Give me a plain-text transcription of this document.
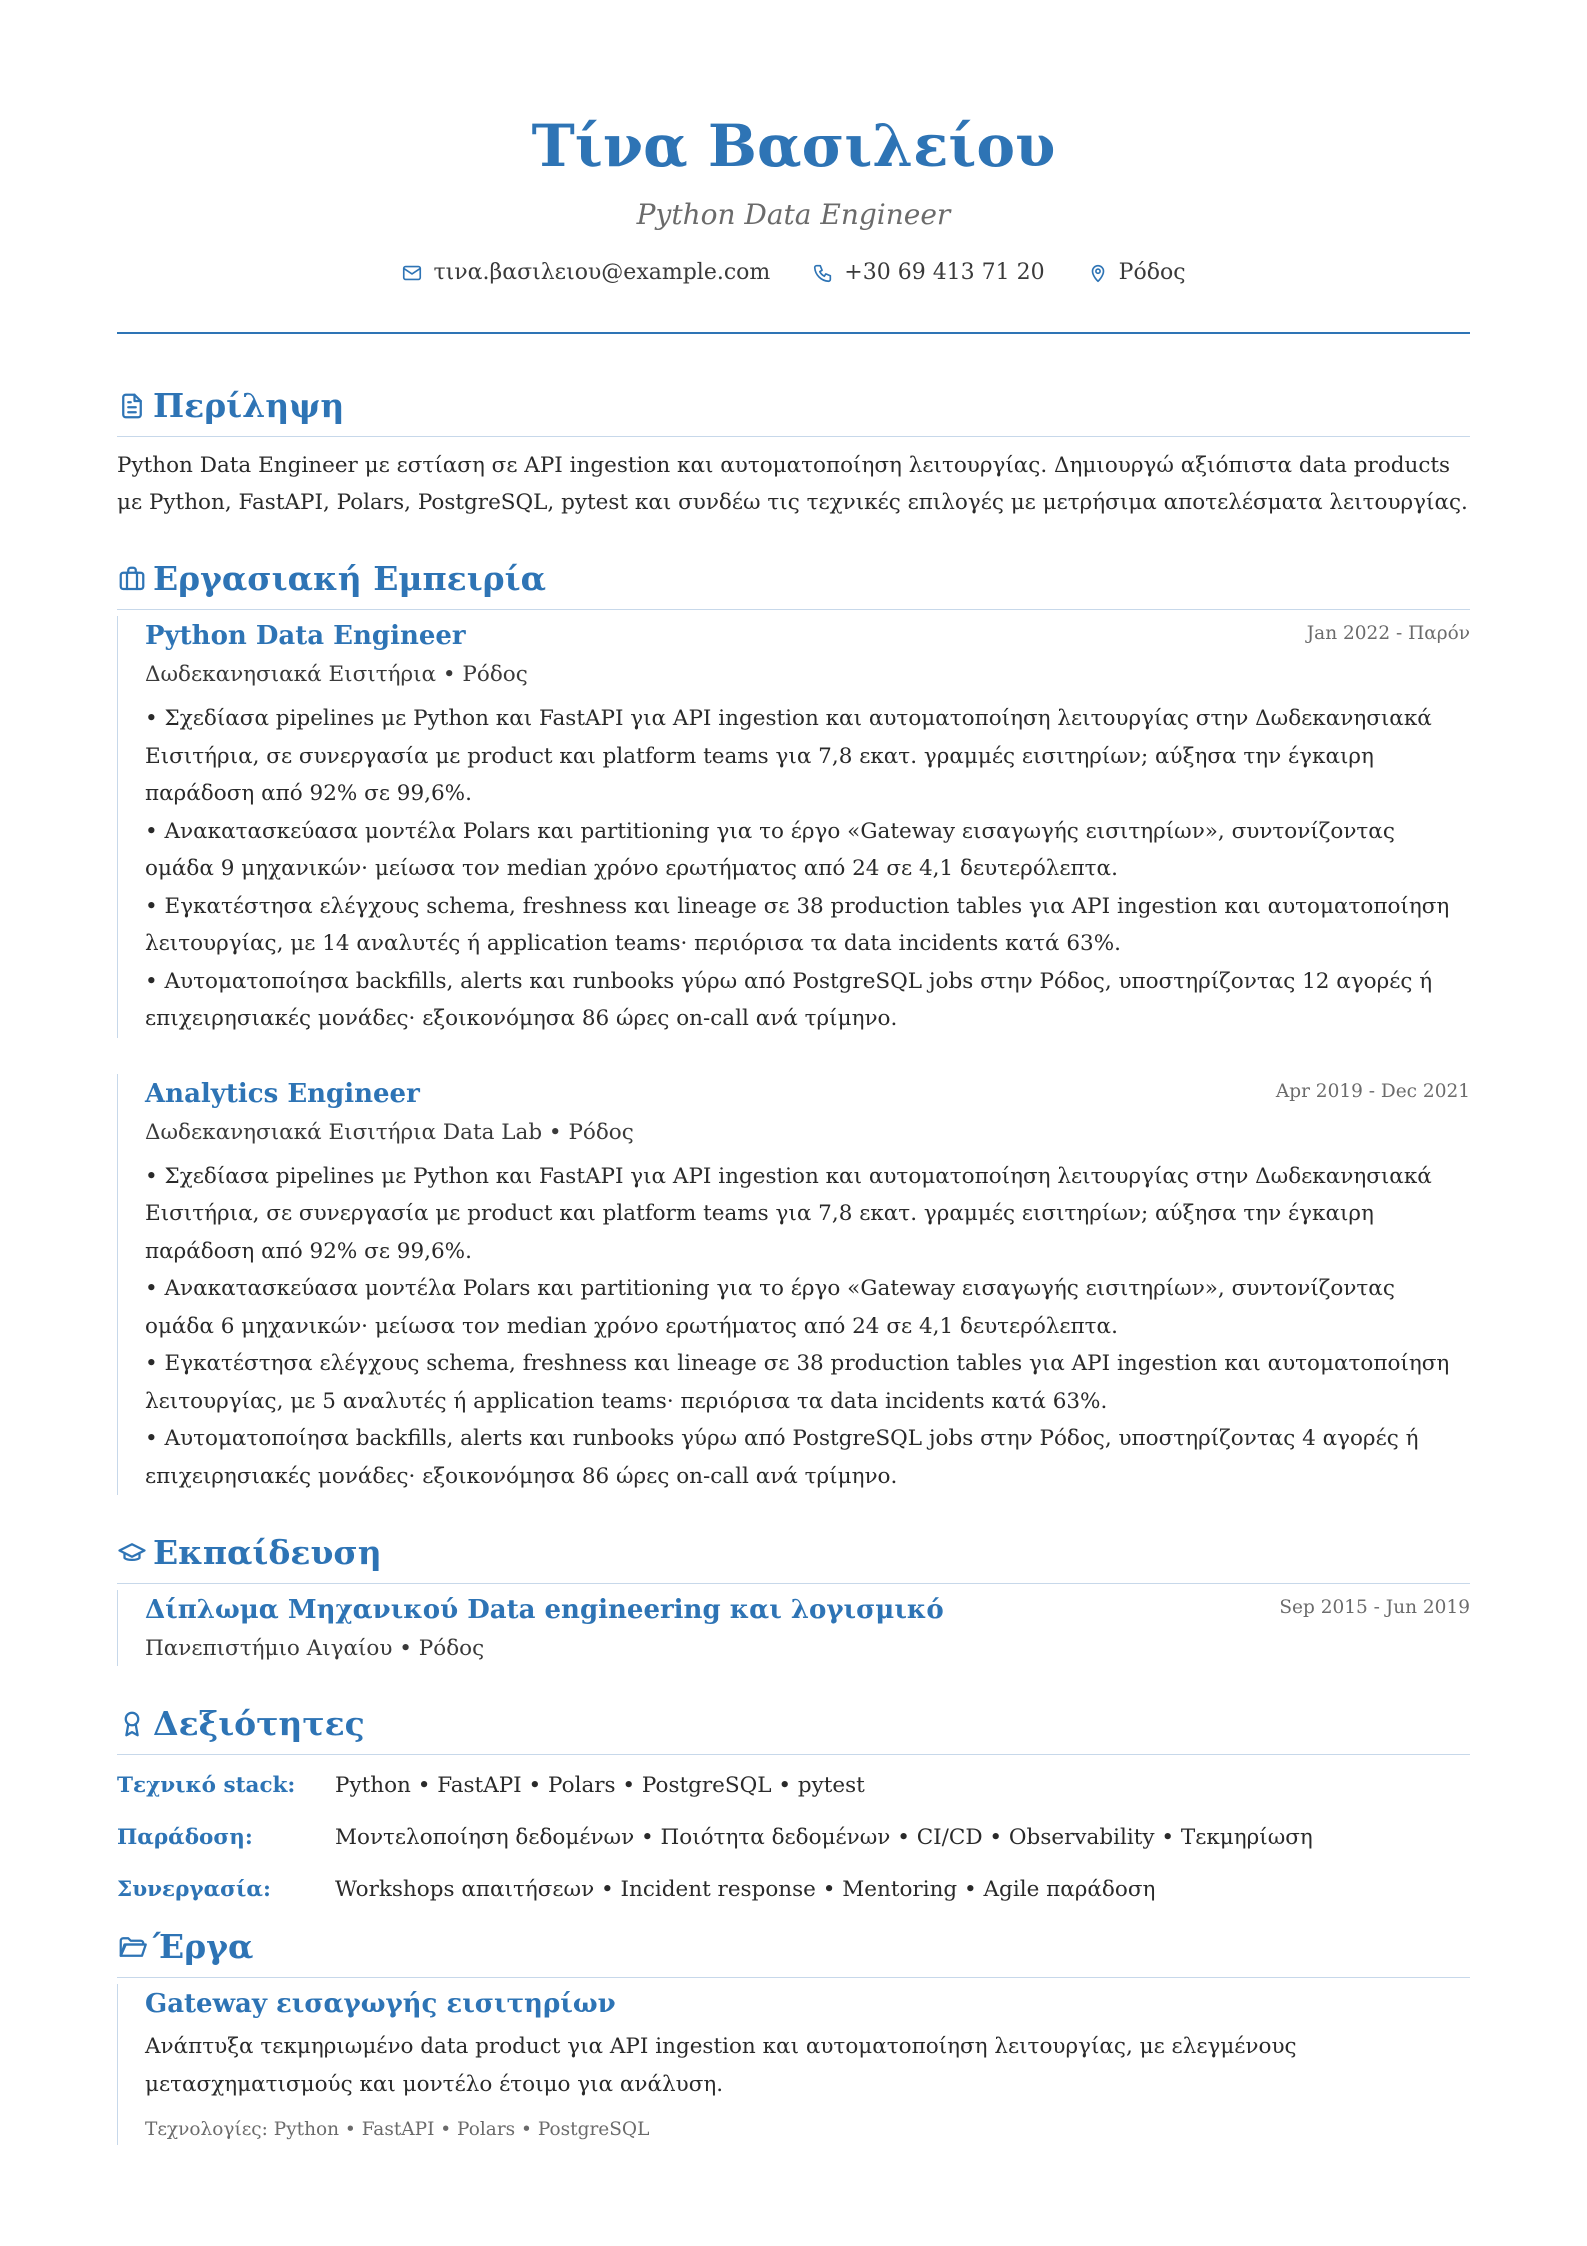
Τίνα Βασιλείου
Python Data Engineer
τινα.βασιλειου@example.com	+30 69 413 71 20	Ρόδος
Περίληψη
Python Data Engineer με εστίαση σε API ingestion και αυτοματοποίηση λειτουργίας. Δημιουργώ αξιόπιστα data products με Python, FastAPI, Polars, PostgreSQL, pytest και συνδέω τις τεχνικές επιλογές με μετρήσιμα αποτελέσματα λειτουργίας.
Εργασιακή Εμπειρία
Python Data Engineer	Jan 2022 - Παρόν
Δωδεκανησιακά Εισιτήρια • Ρόδος
• Σχεδίασα pipelines με Python και FastAPI για API ingestion και αυτοματοποίηση λειτουργίας στην Δωδεκανησιακά Εισιτήρια, σε συνεργασία με product και platform teams για 7,8 εκατ. γραμμές εισιτηρίων; αύξησα την έγκαιρη παράδοση από 92% σε 99,6%.
• Ανακατασκεύασα μοντέλα Polars και partitioning για το έργο «Gateway εισαγωγής εισιτηρίων», συντονίζοντας ομάδα 9 μηχανικών· μείωσα τον median χρόνο ερωτήματος από 24 σε 4,1 δευτερόλεπτα.
• Εγκατέστησα ελέγχους schema, freshness και lineage σε 38 production tables για API ingestion και αυτοματοποίηση λειτουργίας, με 14 αναλυτές ή application teams· περιόρισα τα data incidents κατά 63%.
• Αυτοματοποίησα backfills, alerts και runbooks γύρω από PostgreSQL jobs στην Ρόδος, υποστηρίζοντας 12 αγορές ή επιχειρησιακές μονάδες· εξοικονόμησα 86 ώρες on-call ανά τρίμηνο.
Analytics Engineer	Apr 2019 - Dec 2021
Δωδεκανησιακά Εισιτήρια Data Lab • Ρόδος
• Σχεδίασα pipelines με Python και FastAPI για API ingestion και αυτοματοποίηση λειτουργίας στην Δωδεκανησιακά Εισιτήρια, σε συνεργασία με product και platform teams για 7,8 εκατ. γραμμές εισιτηρίων; αύξησα την έγκαιρη παράδοση από 92% σε 99,6%.
• Ανακατασκεύασα μοντέλα Polars και partitioning για το έργο «Gateway εισαγωγής εισιτηρίων», συντονίζοντας ομάδα 6 μηχανικών· μείωσα τον median χρόνο ερωτήματος από 24 σε 4,1 δευτερόλεπτα.
• Εγκατέστησα ελέγχους schema, freshness και lineage σε 38 production tables για API ingestion και αυτοματοποίηση λειτουργίας, με 5 αναλυτές ή application teams· περιόρισα τα data incidents κατά 63%.
• Αυτοματοποίησα backfills, alerts και runbooks γύρω από PostgreSQL jobs στην Ρόδος, υποστηρίζοντας 4 αγορές ή επιχειρησιακές μονάδες· εξοικονόμησα 86 ώρες on-call ανά τρίμηνο.
Εκπαίδευση
Δίπλωμα Μηχανικού Data engineering και λογισμικό	Sep 2015 - Jun 2019
Πανεπιστήμιο Αιγαίου • Ρόδος
Δεξιότητες
Τεχνικό stack:	Python • FastAPI • Polars • PostgreSQL • pytest
Παράδοση:	Μοντελοποίηση δεδομένων • Ποιότητα δεδομένων • CI/CD • Observability • Τεκμηρίωση
Συνεργασία:	Workshops απαιτήσεων • Incident response • Mentoring • Agile παράδοση
Έργα
Gateway εισαγωγής εισιτηρίων
Ανάπτυξα τεκμηριωμένο data product για API ingestion και αυτοματοποίηση λειτουργίας, με ελεγμένους μετασχηματισμούς και μοντέλο έτοιμο για ανάλυση.
Τεχνολογίες: Python • FastAPI • Polars • PostgreSQL
